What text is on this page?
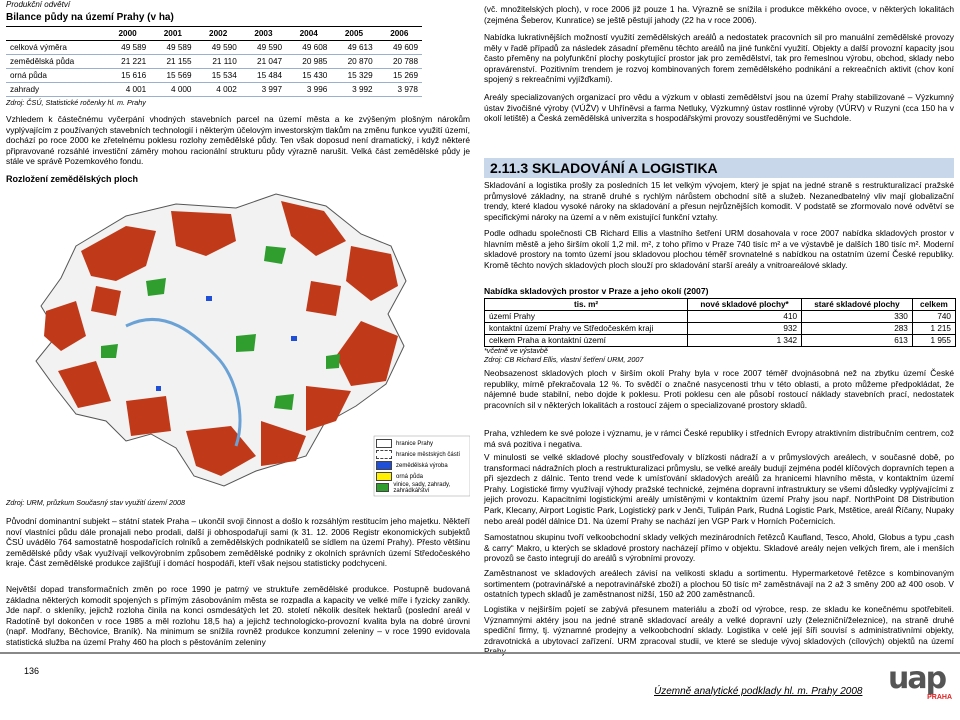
Produkční odvětví
Bilance půdy na území Prahy (v ha)
	2000	2001	2002	2003	2004	2005	2006
celková výměra	49 589	49 589	49 590	49 590	49 608	49 613	49 609
zemědělská půda	21 221	21 155	21 110	21 047	20 985	20 870	20 788
orná půda	15 616	15 569	15 534	15 484	15 430	15 329	15 269
zahrady	4 001	4 000	4 002	3 997	3 996	3 992	3 978
Zdroj: ČSÚ, Statistické ročenky hl. m. Prahy
Vzhledem k částečnému vyčerpání vhodných stavebních parcel na území města a ke zvýšeným plošným nárokům vyplývajícím z používaných stavebních technologií i některým účelovým investorským tlakům na změnu funkce využití území, dochází po roce 2000 ke zřetelnému poklesu rozlohy zemědělské půdy. Ten však doposud není dramatický, i když některé připravované rozsáhlé investiční záměry mohou racionální strukturu půdy výrazně narušit. Velká část zemědělské půdy je stále ve správě Pozemkového fondu.
Rozložení zemědělských ploch
hranice Prahy
hranice městských částí
zemědělská výroba
orná půda
vinice, sady, zahrady, zahrádkářství
Zdroj: URM, průzkum Současný stav využití území 2008
Původní dominantní subjekt – státní statek Praha – ukončil svoji činnost a došlo k rozsáhlým restitucím jeho majetku. Někteří noví vlastníci půdu dále pronajali nebo prodali, další ji obhospodařují sami (k 31. 12. 2006 Registr ekonomických subjektů ČSÚ uvádělo 764 samostatně hospodařících rolníků a zemědělských podnikatelů se sídlem na území Prahy). Přesto většinu zemědělské půdy však využívají velkovýrobním způsobem zemědělské podniky z okolních správních území Středočeského kraje. Část zemědělské produkce zajišťují i domácí hospodáři, kteří však nejsou statisticky podchyceni.
Největší dopad transformačních změn po roce 1990 je patrný ve struktuře zemědělské produkce. Postupně budovaná základna některých komodit spojených s přímým zásobováním města se rozpadla a kapacity ve velké míře i fyzicky zanikly. Jde např. o skleníky, jejichž rozloha činila na konci osmdesátých let 20. století několik desítek hektarů (poslední areál v Radotíně byl dokončen v roce 1985 a měl rozlohu 18,5 ha) a jejichž technologicko-provozní kvalita byla na dobré úrovni (např. Modřany, Běchovice, Braník). Na minimum se snížila rovněž produkce konzumní zeleniny – v roce 1990 evidovala statistická služba na území Prahy 460 ha ploch s pěstováním zeleniny
(vč. množitelských ploch), v roce 2006 již pouze 1 ha. Výrazně se snížila i produkce měkkého ovoce, v některých lokalitách (zejména Šeberov, Kunratice) se ještě pěstují jahody (22 ha v roce 2006).
Nabídka lukrativnějších možností využití zemědělských areálů a nedostatek pracovních sil pro manuální zemědělské provozy měly v řadě případů za následek zásadní přeměnu těchto areálů na jiné funkční využití. Objekty a další provozní kapacity jsou často přeměny na polyfunkční plochy poskytující prostor jak pro zemědělství, tak pro řemeslnou výrobu, obchod, sklady nebo opravárenství. Pozitivním trendem je rozvoj kombinovaných forem zemědělského podnikání a rekreačních aktivit (chov koní spojený s rekreačními vyjížďkami).
Areály specializovaných organizací pro vědu a výzkum v oblasti zemědělství jsou na území Prahy stabilizované – Výzkumný ústav živočišné výroby (VÚŽV) v Uhříněvsi a farma Netluky, Výzkumný ústav rostlinné výroby (VÚRV) v Ruzyni (cca 150 ha v okolí letiště) a Česká zemědělská univerzita s hospodářskými provozy soustředěnými ve Suchdole.
2.11.3 SKLADOVÁNÍ A LOGISTIKA
Skladování a logistika prošly za posledních 15 let velkým vývojem, který je spjat na jedné straně s restrukturalizací pražské průmyslové základny, na straně druhé s rychlým nárůstem obchodní sítě a služeb. Nezanedbatelný vliv mají globalizační trendy, které kladou vysoké nároky na skladování a přesun nejrůznějších komodit. V podstatě se zformovalo nové odvětví se specifickými nároky na území a v něm existující funkční vztahy.
Podle odhadu společnosti CB Richard Ellis a vlastního šetření URM dosahovala v roce 2007 nabídka skladových prostor v hlavním městě a jeho širším okolí 1,2 mil. m², z toho přímo v Praze 740 tisíc m² a ve výstavbě je dalších 180 tisíc m². Moderní skladové prostory na tomto území jsou skladovou plochou téměř srovnatelné s nabídkou na ostatním území České republiky. Kromě těchto nových skladových ploch slouží pro skladování starší areály a vnitroareálové sklady.
Nabídka skladových prostor v Praze a jeho okolí (2007)
tis. m²	nové skladové plochy*	staré skladové plochy	celkem
území Prahy	410	330	740
kontaktní území Prahy ve Středočeském kraji	932	283	1 215
celkem Praha a kontaktní území	1 342	613	1 955
*včetně ve výstavbě
Zdroj: CB Richard Ellis, vlastní šetření URM, 2007
Neobsazenost skladových ploch v širším okolí Prahy byla v roce 2007 téměř dvojnásobná než na zbytku území České republiky, mírně překračovala 12 %. To svědčí o značné nasycenosti trhu v této oblasti, a proto můžeme předpokládat, že nájemné bude stabilní, nebo dojde k poklesu. Proti poklesu cen ale působí rostoucí náklady stavebních prací, nedostatek pracovních sil v některých lokalitách a rostoucí zájem o specializované prostory skladů.
Praha, vzhledem ke své poloze i významu, je v rámci České republiky i středních Evropy atraktivním distribučním centrem, což má svá pozitiva i negativa.
V minulosti se velké skladové plochy soustřeďovaly v blízkosti nádraží a v průmyslových areálech, v současné době, po transformaci nádražních ploch a restrukturalizaci průmyslu, se velké areály budují zejména podél klíčových dopravních tepen a při sjezdech z dálnic. Tento trend vede k umísťování skladových areálů za hranicemi hlavního města, v kontaktním území Prahy. Logistické firmy využívají výhody pražské technické, zejména dopravní infrastruktury se všemi důsledky vyplývajícími z jejich provozu. Kapacitními logistickými areály umístěnými v kontaktním území Prahy jsou např. NorthPoint D8 Distribution Park, Klecany, Airport Logistic Park, Logistický park v Jenči, Tulipán Park, Rudná Logistic Park, Mstětice, areál Říčany, Nupaky nebo areál podél dálnice D1. Na území Prahy se nachází jen VGP Park v Horních Počernicích.
Samostatnou skupinu tvoří velkoobchodní sklady velkých mezinárodních řetězců Kaufland, Tesco, Ahold, Globus a typu „cash & carry“ Makro, u kterých se skladové prostory nacházejí přímo v objektu. Skladové areály nejen velkých firem, ale i menších provozů se často integrují do areálů s výrobními provozy.
Zaměstnanost ve skladových areálech závisí na velikosti skladu a sortimentu. Hypermarketové řetězce s kombinovaným sortimentem (potravinářské a nepotravinářské zboží) a plochou 50 tisíc m² zaměstnávají na 2 až 3 směny 200 až 400 osob. V ostatních typech skladů je zaměstnanost nižší, 150 až 200 zaměstnanců.
Logistika v nejširším pojetí se zabývá přesunem materiálu a zboží od výrobce, resp. ze skladu ke konečnému spotřebiteli. Významnými aktéry jsou na jedné straně skladovací areály a velké dopravní uzly (železniční/železnice), na straně druhé spediční firmy, tj. významné prodejny a velkoobchodní sklady. Logistika v celé její šíři souvisí s administrativními objekty, zdravotnická a ubytovací zařízení. URM zpracoval studii, ve které se sleduje vývoj skladových (cílových) objektů na území
136
Územně analytické podklady hl. m. Prahy 2008 uap
PRAHA
